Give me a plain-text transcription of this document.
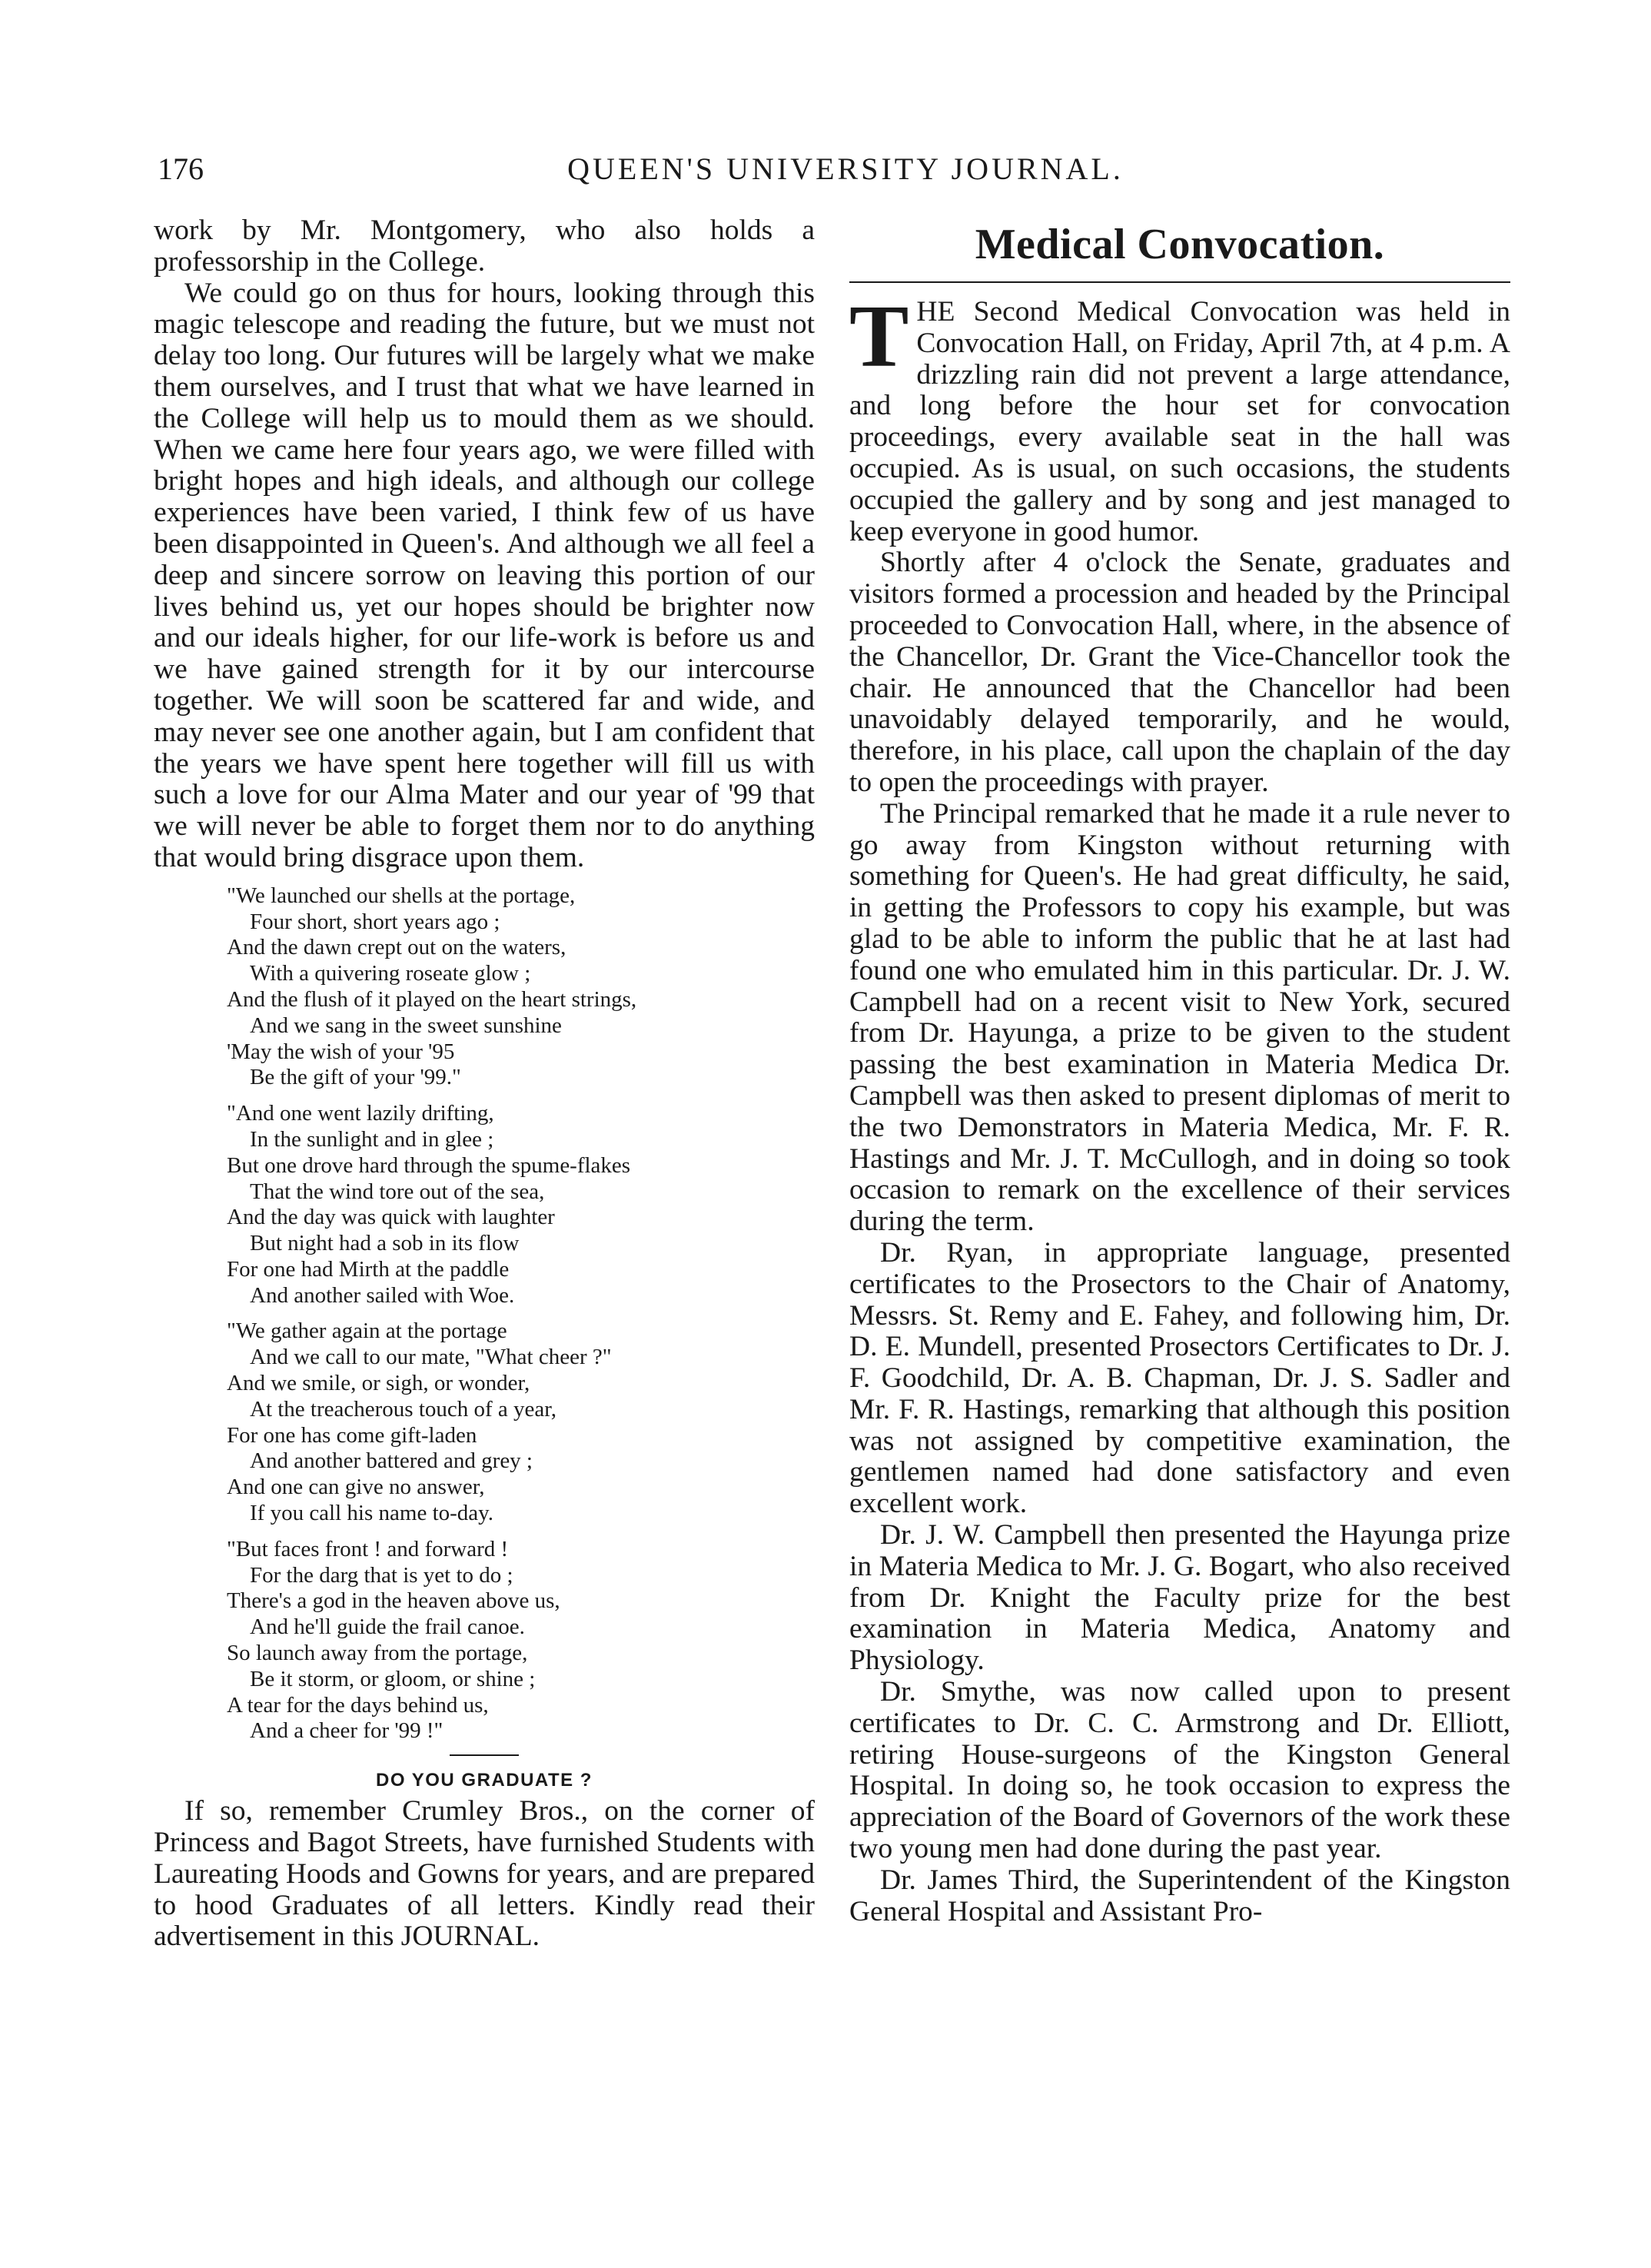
176	QUEEN'S UNIVERSITY JOURNAL.

work by Mr. Montgomery, who also holds a professorship in the College.

We could go on thus for hours, looking through this magic telescope and reading the future, but we must not delay too long. Our futures will be largely what we make them ourselves, and I trust that what we have learned in the College will help us to mould them as we should. When we came here four years ago, we were filled with bright hopes and high ideals, and although our college experiences have been varied, I think few of us have been disappointed in Queen's. And although we all feel a deep and sincere sorrow on leaving this portion of our lives behind us, yet our hopes should be brighter now and our ideals higher, for our life-work is before us and we have gained strength for it by our intercourse together. We will soon be scattered far and wide, and may never see one another again, but I am confident that the years we have spent here together will fill us with such a love for our Alma Mater and our year of '99 that we will never be able to forget them nor to do anything that would bring disgrace upon them.

"We launched our shells at the portage,
Four short, short years ago ;
And the dawn crept out on the waters,
With a quivering roseate glow ;
And the flush of it played on the heart strings,
And we sang in the sweet sunshine
'May the wish of your '95
Be the gift of your '99."
"And one went lazily drifting,
In the sunlight and in glee ;
But one drove hard through the spume-flakes
That the wind tore out of the sea,
And the day was quick with laughter
But night had a sob in its flow
For one had Mirth at the paddle
And another sailed with Woe.
"We gather again at the portage
And we call to our mate, "What cheer ?"
And we smile, or sigh, or wonder,
At the treacherous touch of a year,
For one has come gift-laden
And another battered and grey ;
And one can give no answer,
If you call his name to-day.
"But faces front ! and forward !
For the darg that is yet to do ;
There's a god in the heaven above us,
And he'll guide the frail canoe.
So launch away from the portage,
Be it storm, or gloom, or shine ;
A tear for the days behind us,
And a cheer for '99 !"
DO YOU GRADUATE ?

If so, remember Crumley Bros., on the corner of Princess and Bagot Streets, have furnished Students with Laureating Hoods and Gowns for years, and are prepared to hood Graduates of all letters. Kindly read their advertisement in this JOURNAL.

Medical Convocation.

THE Second Medical Convocation was held in Convocation Hall, on Friday, April 7th, at 4 p.m. A drizzling rain did not prevent a large attendance, and long before the hour set for convocation proceedings, every available seat in the hall was occupied. As is usual, on such occasions, the students occupied the gallery and by song and jest managed to keep everyone in good humor.

Shortly after 4 o'clock the Senate, graduates and visitors formed a procession and headed by the Principal proceeded to Convocation Hall, where, in the absence of the Chancellor, Dr. Grant the Vice-Chancellor took the chair. He announced that the Chancellor had been unavoidably delayed temporarily, and he would, therefore, in his place, call upon the chaplain of the day to open the proceedings with prayer.

The Principal remarked that he made it a rule never to go away from Kingston without returning with something for Queen's. He had great difficulty, he said, in getting the Professors to copy his example, but was glad to be able to inform the public that he at last had found one who emulated him in this particular. Dr. J. W. Campbell had on a recent visit to New York, secured from Dr. Hayunga, a prize to be given to the student passing the best examination in Materia Medica Dr. Campbell was then asked to present diplomas of merit to the two Demonstrators in Materia Medica, Mr. F. R. Hastings and Mr. J. T. McCullogh, and in doing so took occasion to remark on the excellence of their services during the term.

Dr. Ryan, in appropriate language, presented certificates to the Prosectors to the Chair of Anatomy, Messrs. St. Remy and E. Fahey, and following him, Dr. D. E. Mundell, presented Prosectors Certificates to Dr. J. F. Goodchild, Dr. A. B. Chapman, Dr. J. S. Sadler and Mr. F. R. Hastings, remarking that although this position was not assigned by competitive examination, the gentlemen named had done satisfactory and even excellent work.

Dr. J. W. Campbell then presented the Hayunga prize in Materia Medica to Mr. J. G. Bogart, who also received from Dr. Knight the Faculty prize for the best examination in Materia Medica, Anatomy and Physiology.

Dr. Smythe, was now called upon to present certificates to Dr. C. C. Armstrong and Dr. Elliott, retiring House-surgeons of the Kingston General Hospital. In doing so, he took occasion to express the appreciation of the Board of Governors of the work these two young men had done during the past year.

Dr. James Third, the Superintendent of the Kingston General Hospital and Assistant Pro-
